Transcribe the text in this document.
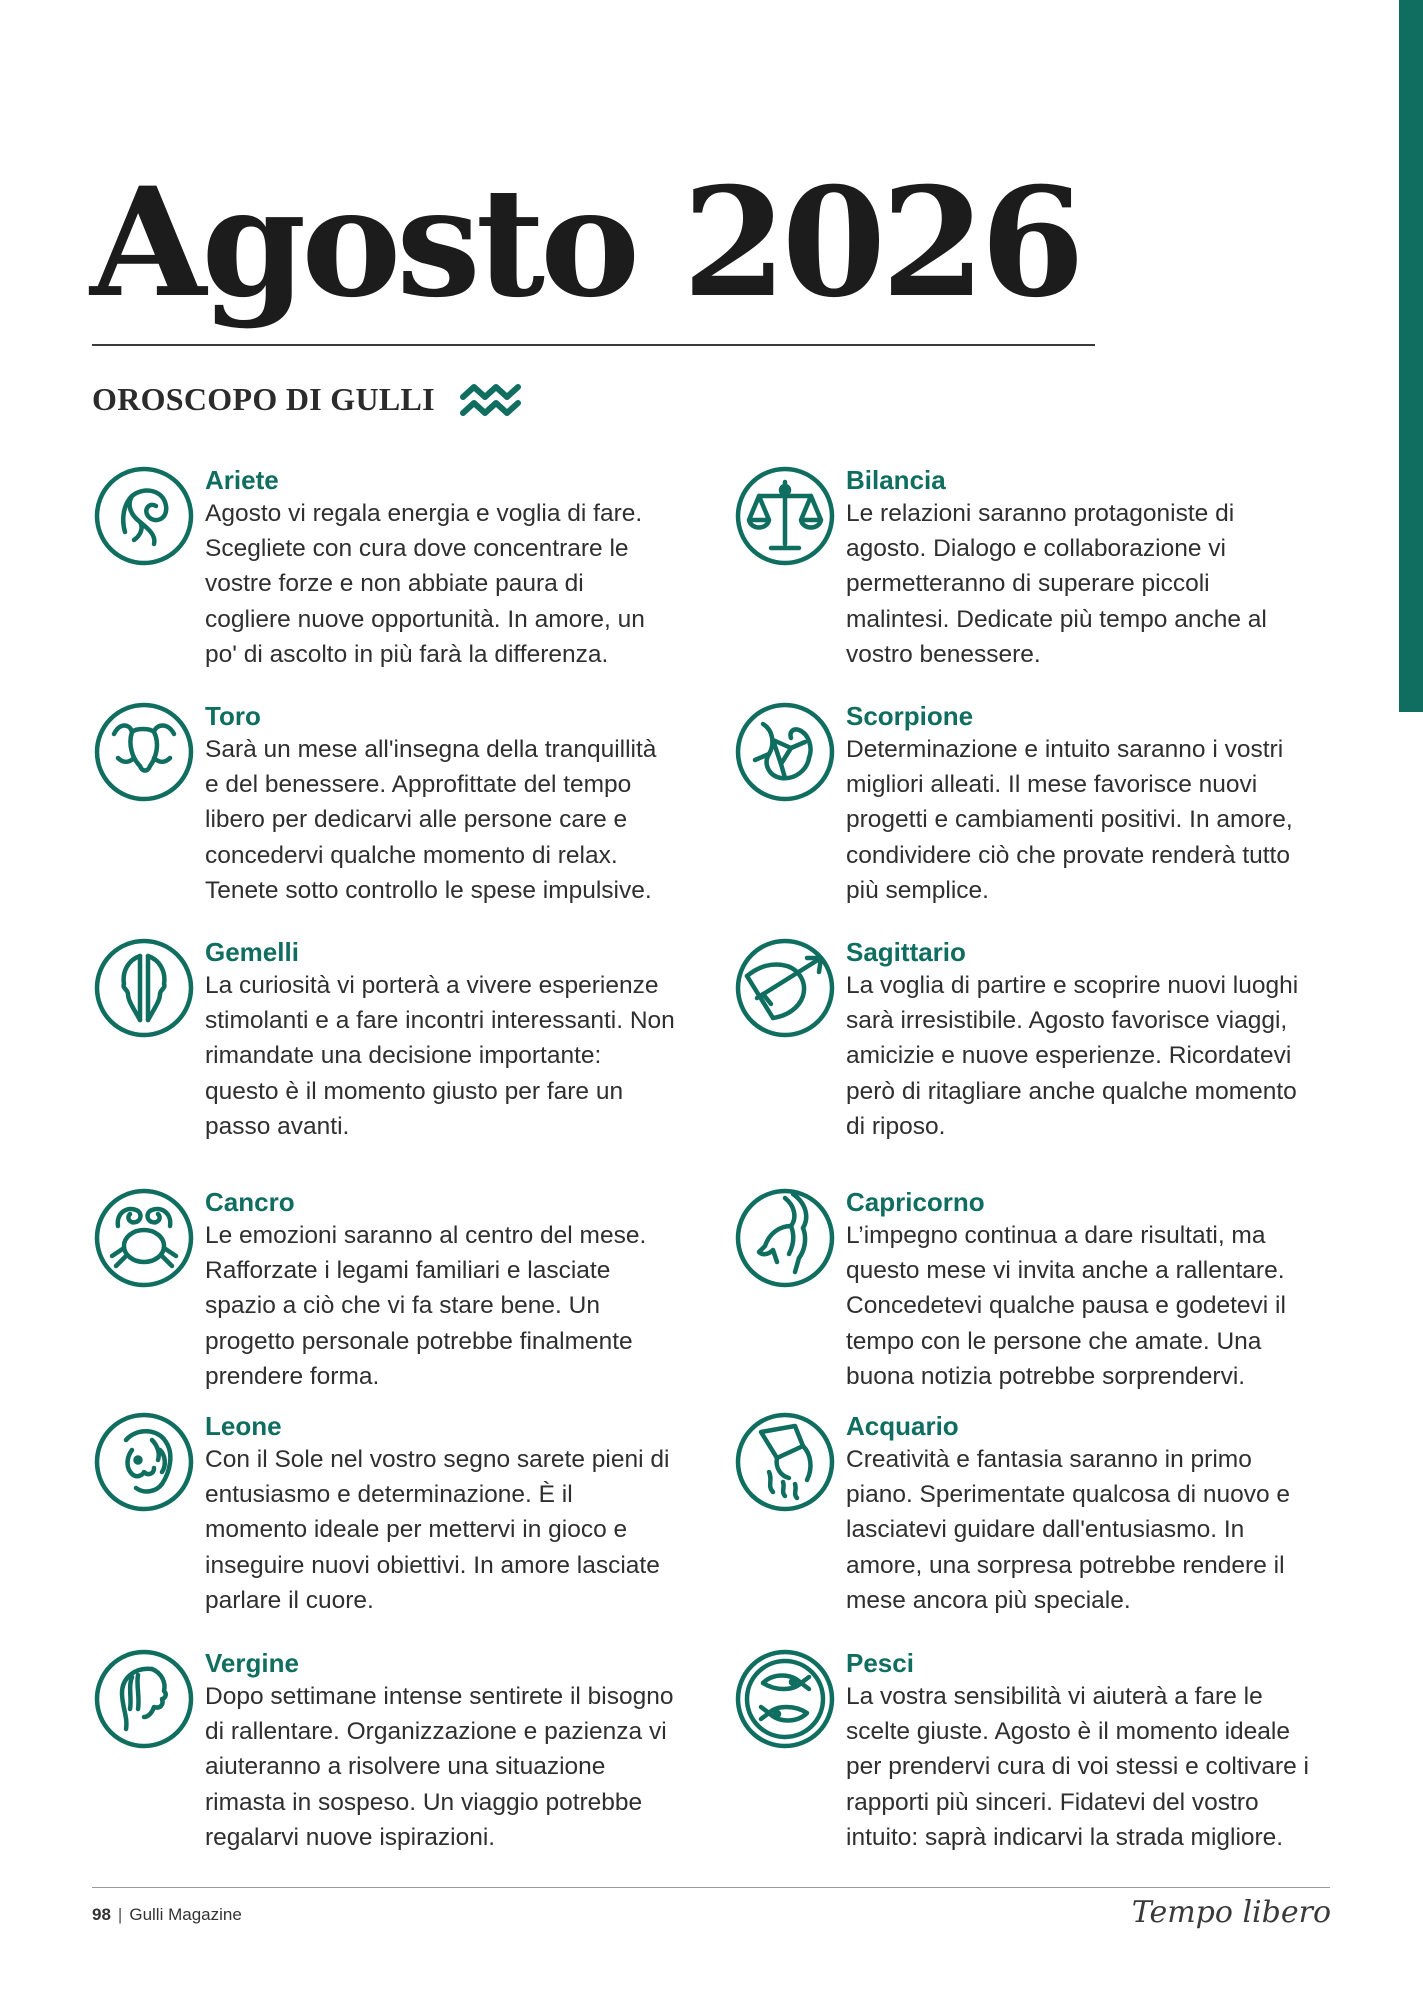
Agosto 2026
OROSCOPO DI GULLI
Ariete

Agosto vi regala energia e voglia di fare. Scegliete con cura dove concentrare le vostre forze e non abbiate paura di cogliere nuove opportunità. In amore, un po' di ascolto in più farà la differenza.

Toro

Sarà un mese all'insegna della tranquillità e del benessere. Approfittate del tempo libero per dedicarvi alle persone care e concedervi qualche momento di relax. Tenete sotto controllo le spese impulsive.

Gemelli

La curiosità vi porterà a vivere esperienze stimolanti e a fare incontri interessanti. Non rimandate una decisione importante: questo è il momento giusto per fare un passo avanti.

Cancro

Le emozioni saranno al centro del mese. Rafforzate i legami familiari e lasciate spazio a ciò che vi fa stare bene. Un progetto personale potrebbe finalmente prendere forma.

Leone

Con il Sole nel vostro segno sarete pieni di entusiasmo e determinazione. È il momento ideale per mettervi in gioco e inseguire nuovi obiettivi. In amore lasciate parlare il cuore.

Vergine

Dopo settimane intense sentirete il bisogno di rallentare. Organizzazione e pazienza vi aiuteranno a risolvere una situazione rimasta in sospeso. Un viaggio potrebbe regalarvi nuove ispirazioni.

Bilancia

Le relazioni saranno protagoniste di agosto. Dialogo e collaborazione vi permetteranno di superare piccoli malintesi. Dedicate più tempo anche al vostro benessere.

Scorpione

Determinazione e intuito saranno i vostri migliori alleati. Il mese favorisce nuovi progetti e cambiamenti positivi. In amore, condividere ciò che provate renderà tutto più semplice.

Sagittario

La voglia di partire e scoprire nuovi luoghi sarà irresistibile. Agosto favorisce viaggi, amicizie e nuove esperienze. Ricordatevi però di ritagliare anche qualche momento di riposo.

Capricorno

L’impegno continua a dare risultati, ma questo mese vi invita anche a rallentare. Concedetevi qualche pausa e godetevi il tempo con le persone che amate. Una buona notizia potrebbe sorprendervi.

Acquario

Creatività e fantasia saranno in primo piano. Sperimentate qualcosa di nuovo e lasciatevi guidare dall'entusiasmo. In amore, una sorpresa potrebbe rendere il mese ancora più speciale.

Pesci

La vostra sensibilità vi aiuterà a fare le scelte giuste. Agosto è il momento ideale per prendervi cura di voi stessi e coltivare i rapporti più sinceri. Fidatevi del vostro intuito: saprà indicarvi la strada migliore.

98 | Gulli Magazine	Tempo libero
